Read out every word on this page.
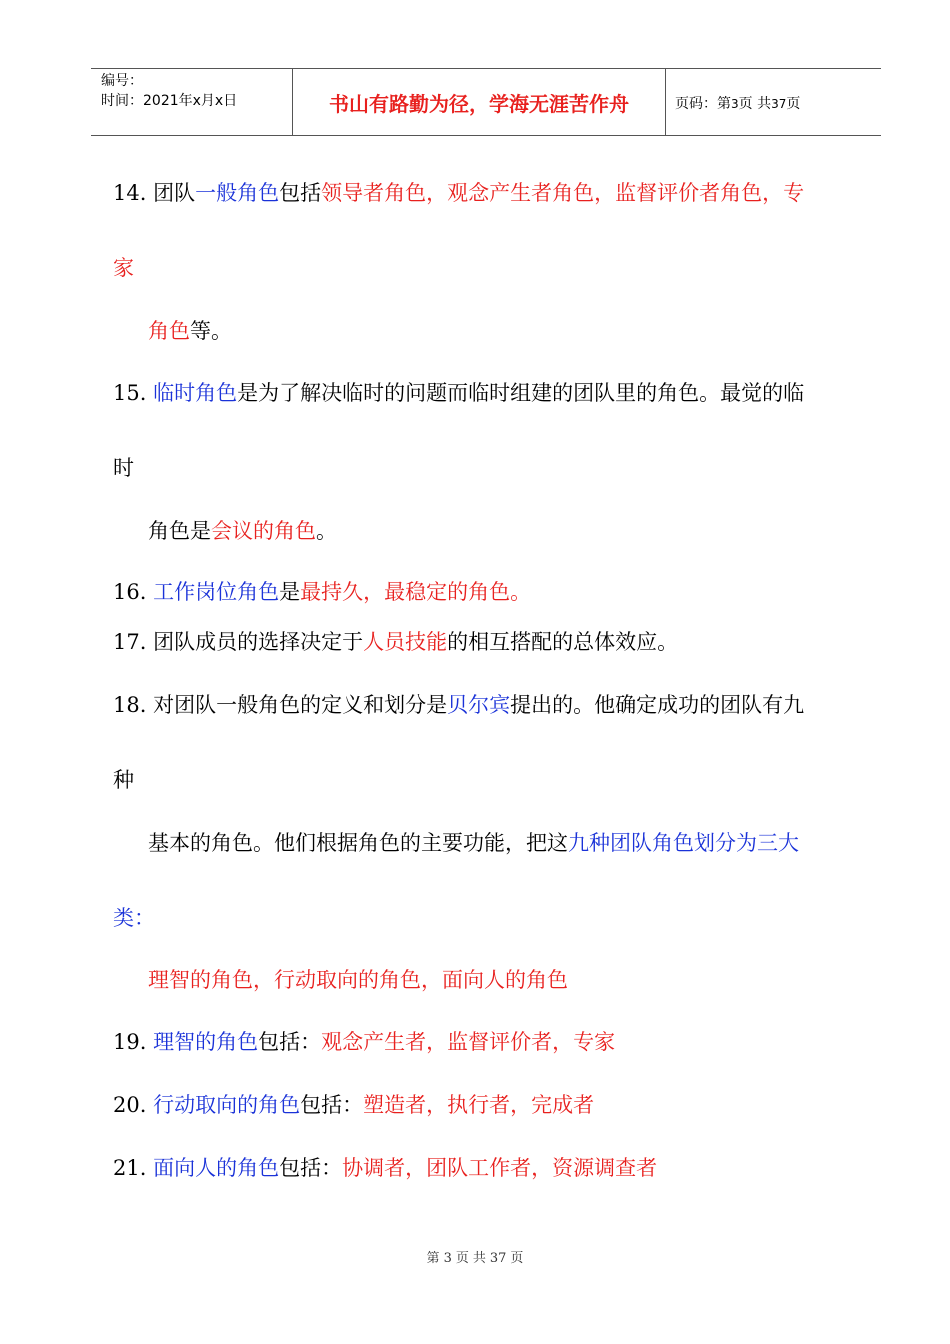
编号：
时间：2021年x月x日	书山有路勤为径，学海无涯苦作舟	页码：第3页 共37页
14. 团队一般角色包括领导者角色，观念产生者角色，监督评价者角色，专
家
角色等。
15. 临时角色是为了解决临时的问题而临时组建的团队里的角色。最觉的临
时
角色是会议的角色。
16. 工作岗位角色是最持久，最稳定的角色。
17. 团队成员的选择决定于人员技能的相互搭配的总体效应。
18. 对团队一般角色的定义和划分是贝尔宾提出的。他确定成功的团队有九
种
基本的角色。他们根据角色的主要功能，把这九种团队角色划分为三大
类：
理智的角色，行动取向的角色，面向人的角色
19. 理智的角色包括：观念产生者，监督评价者，专家
20. 行动取向的角色包括：塑造者，执行者，完成者
21. 面向人的角色包括：协调者，团队工作者，资源调查者
第 3 页 共 37 页
